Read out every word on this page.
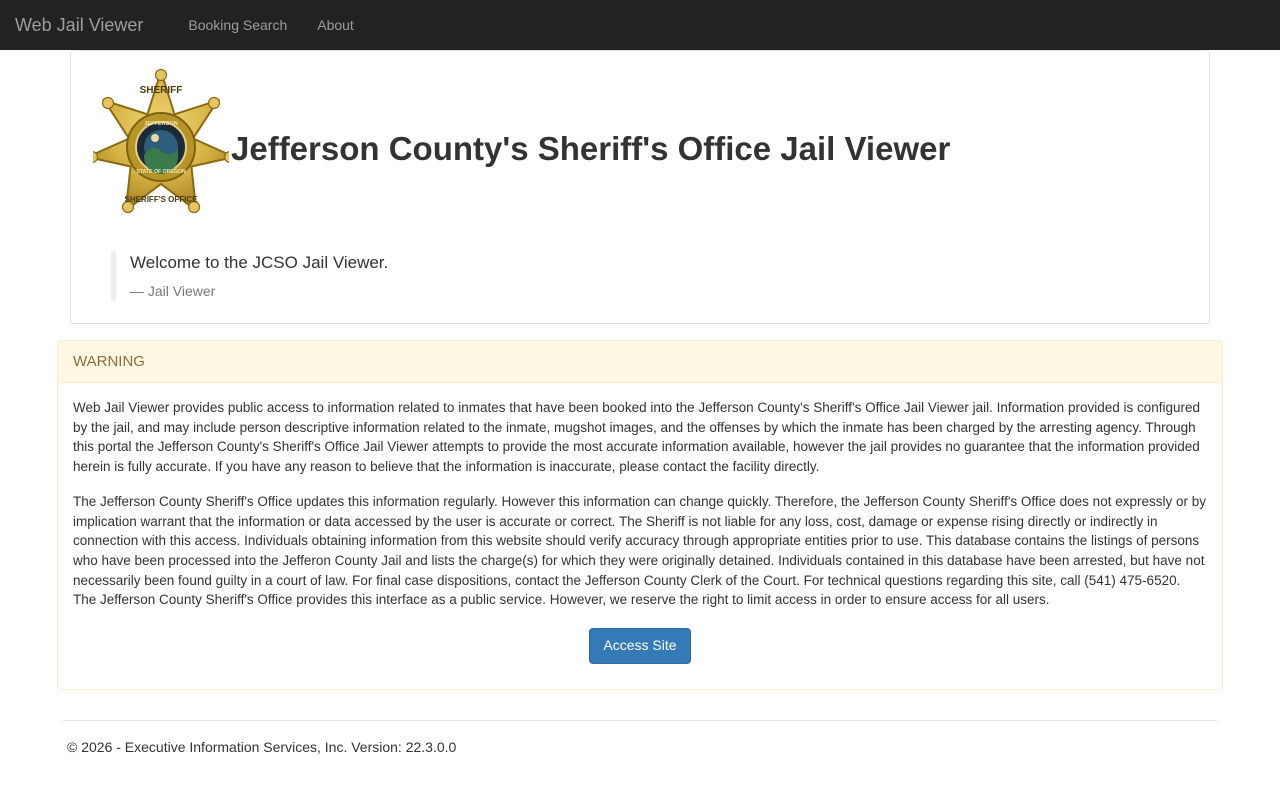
Web Jail Viewer	Booking Search	About
JEFFERSON
STATE OF OREGON
SHERIFF
SHERIFF'S OFFICE
Jefferson County's Sheriff's Office Jail Viewer

Welcome to the JCSO Jail Viewer.

— Jail Viewer
WARNING

Web Jail Viewer provides public access to information related to inmates that have been booked into the Jefferson County's Sheriff's Office Jail Viewer jail. Information provided is configured by the jail, and may include person descriptive information related to the inmate, mugshot images, and the offenses by which the inmate has been charged by the arresting agency. Through this portal the Jefferson County's Sheriff's Office Jail Viewer attempts to provide the most accurate information available, however the jail provides no guarantee that the information provided herein is fully accurate. If you have any reason to believe that the information is inaccurate, please contact the facility directly.

The Jefferson County Sheriff's Office updates this information regularly. However this information can change quickly. Therefore, the Jefferson County Sheriff's Office does not expressly or by implication warrant that the information or data accessed by the user is accurate or correct. The Sheriff is not liable for any loss, cost, damage or expense rising directly or indirectly in connection with this access. Individuals obtaining information from this website should verify accuracy through appropriate entities prior to use. This database contains the listings of persons who have been processed into the Jefferon County Jail and lists the charge(s) for which they were originally detained. Individuals contained in this database have been arrested, but have not necessarily been found guilty in a court of law. For final case dispositions, contact the Jefferson County Clerk of the Court. For technical questions regarding this site, call (541) 475-6520. The Jefferson County Sheriff's Office provides this interface as a public service. However, we reserve the right to limit access in order to ensure access for all users.

Access Site
© 2026 - Executive Information Services, Inc. Version: 22.3.0.0
